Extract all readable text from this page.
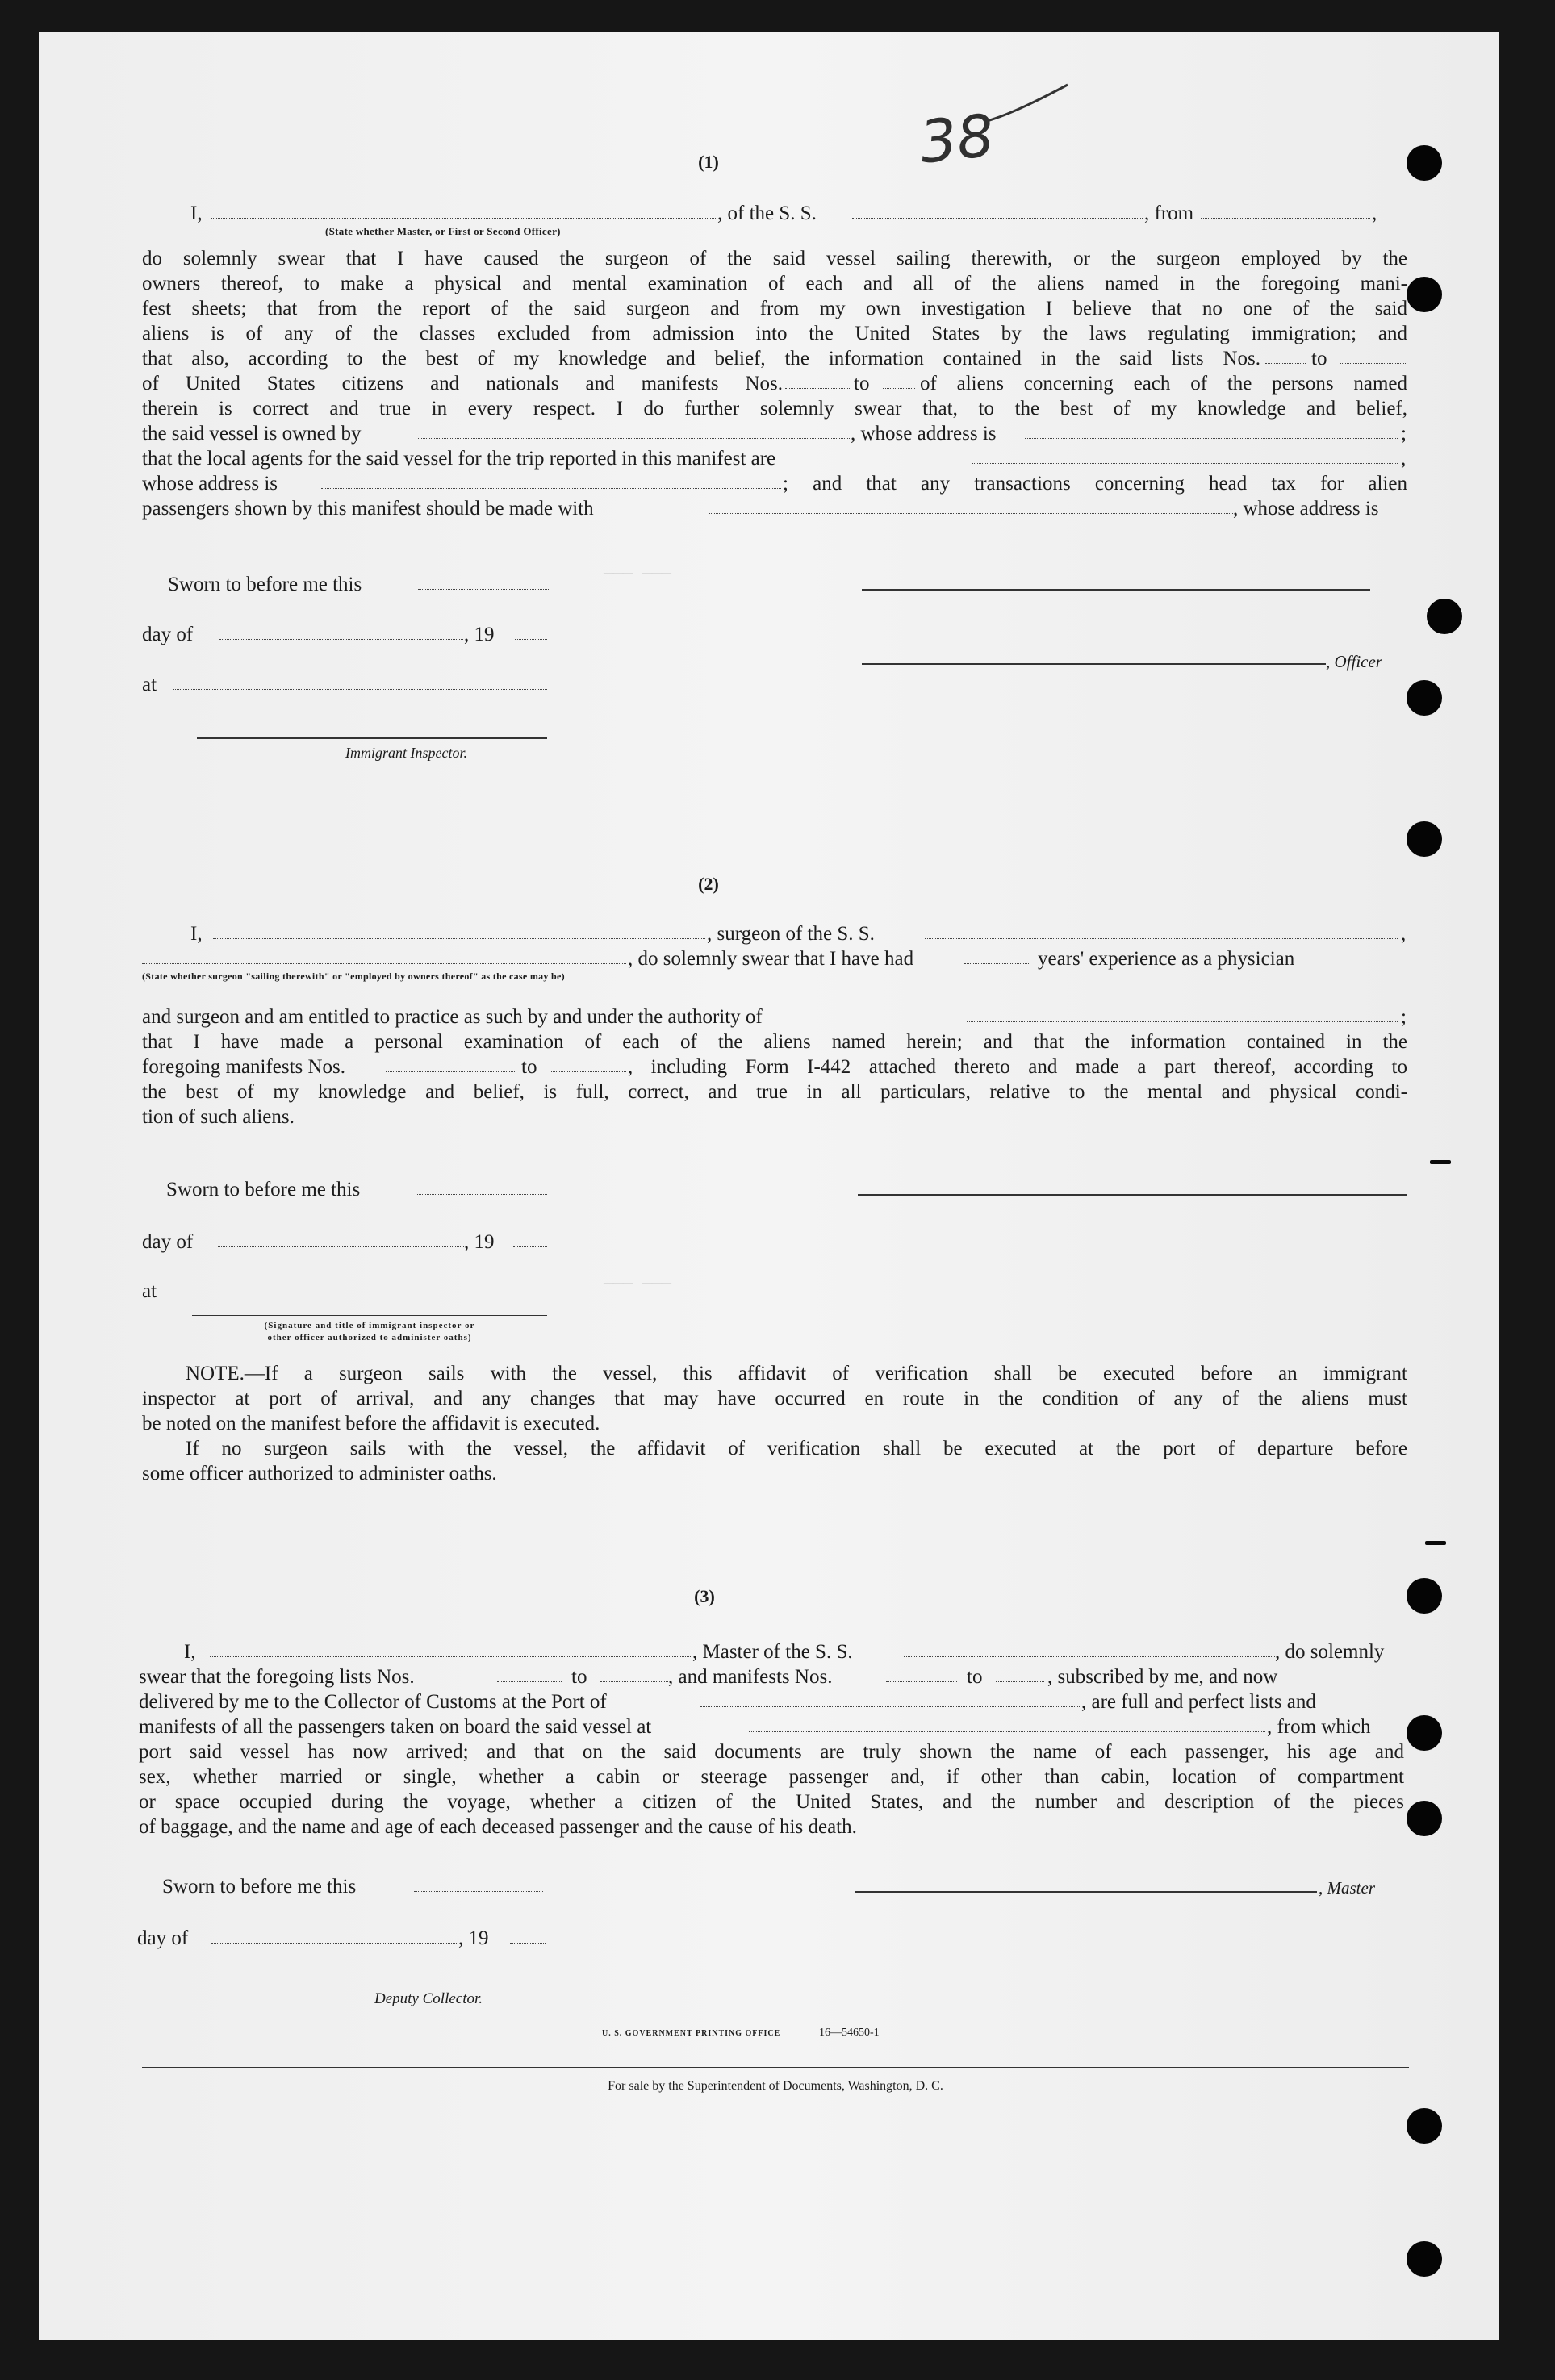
——— ———
——— ———
38
(1)
I,	, of the S. S.	, from	,
(State whether Master, or First or Second Officer)
do solemnly swear that I have caused the surgeon of the said vessel sailing therewith, or the surgeon employed by the
owners thereof, to make a physical and mental examination of each and all of the aliens named in the foregoing mani-
fest sheets; that from the report of the said surgeon and from my own investigation I believe that no one of the said
aliens is of any of the classes excluded from admission into the United States by the laws regulating immigration; and
that also, according to the best of my knowledge and belief, the information contained in the said lists Nos.	to
of United States citizens and nationals and manifests Nos.	to	of aliens concerning each of the persons named
therein is correct and true in every respect. I do further solemnly swear that, to the best of my knowledge and belief,
the said vessel is owned by	, whose address is	;
that the local agents for the said vessel for the trip reported in this manifest are	,
whose address is	; and that any transactions concerning head tax for alien
passengers shown by this manifest should be made with	, whose address is
Sworn to before me this
day of	, 19
, Officer
at
Immigrant Inspector.
(2)
I,	, surgeon of the S. S.	,
, do solemnly swear that I have had	years' experience as a physician
(State whether surgeon "sailing therewith" or "employed by owners thereof" as the case may be)
and surgeon and am entitled to practice as such by and under the authority of	;
that I have made a personal examination of each of the aliens named herein; and that the information contained in the
foregoing manifests Nos.	to	, including Form I-442 attached thereto and made a part thereof, according to
the best of my knowledge and belief, is full, correct, and true in all particulars, relative to the mental and physical condi-
tion of such aliens.
Sworn to before me this
day of	, 19
at
(Signature and title of immigrant inspector or
other officer authorized to administer oaths)
NOTE.—If a surgeon sails with the vessel, this affidavit of verification shall be executed before an immigrant
inspector at port of arrival, and any changes that may have occurred en route in the condition of any of the aliens must
be noted on the manifest before the affidavit is executed.
If no surgeon sails with the vessel, the affidavit of verification shall be executed at the port of departure before
some officer authorized to administer oaths.
(3)
I,	, Master of the S. S.	, do solemnly
swear that the foregoing lists Nos.	to	, and manifests Nos.	to	, subscribed by me, and now
delivered by me to the Collector of Customs at the Port of	, are full and perfect lists and
manifests of all the passengers taken on board the said vessel at	, from which
port said vessel has now arrived; and that on the said documents are truly shown the name of each passenger, his age and
sex, whether married or single, whether a cabin or steerage passenger and, if other than cabin, location of compartment
or space occupied during the voyage, whether a citizen of the United States, and the number and description of the pieces
of baggage, and the name and age of each deceased passenger and the cause of his death.
Sworn to before me this	, Master
day of	, 19
Deputy Collector.
U. S. GOVERNMENT PRINTING OFFICE	16—54650-1
For sale by the Superintendent of Documents, Washington, D. C.
